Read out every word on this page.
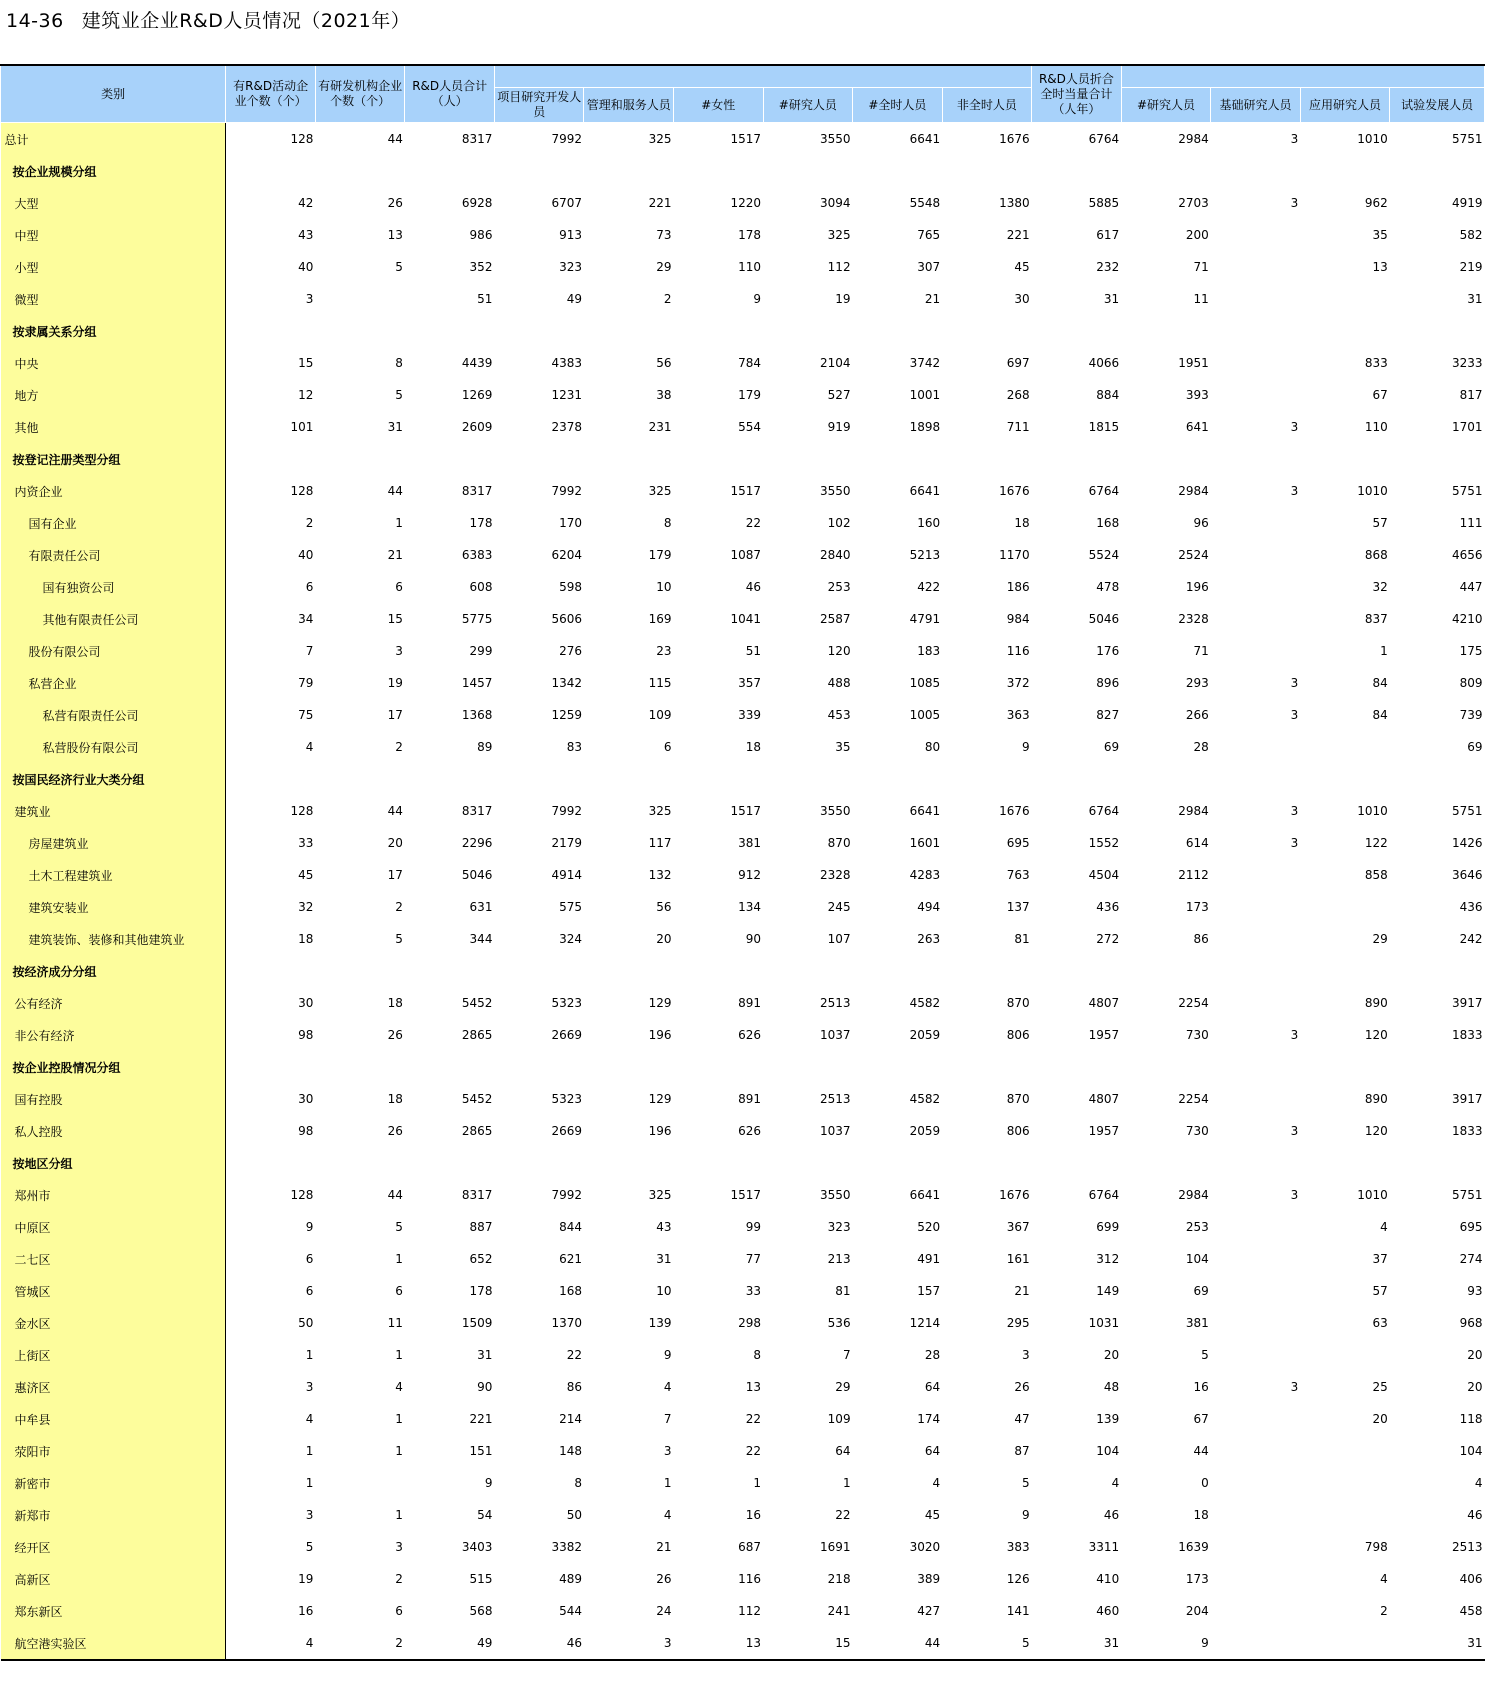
14-36 建筑业企业R&D人员情况（2021年）
类别	有R&D活动企业个数（个）	有研发机构企业个数（个）	R&D人员合计（人）							R&D人员折合全时当量合计（人年）				
				项目研究开发人员	管理和服务人员	#女性	#研究人员	#全时人员	非全时人员		#研究人员	基础研究人员	应用研究人员	试验发展人员
总计	128	44	8317	7992	325	1517	3550	6641	1676	6764	2984	3	1010	5751
按企业规模分组														
大型	42	26	6928	6707	221	1220	3094	5548	1380	5885	2703	3	962	4919
中型	43	13	986	913	73	178	325	765	221	617	200		35	582
小型	40	5	352	323	29	110	112	307	45	232	71		13	219
微型	3		51	49	2	9	19	21	30	31	11			31
按隶属关系分组														
中央	15	8	4439	4383	56	784	2104	3742	697	4066	1951		833	3233
地方	12	5	1269	1231	38	179	527	1001	268	884	393		67	817
其他	101	31	2609	2378	231	554	919	1898	711	1815	641	3	110	1701
按登记注册类型分组														
内资企业	128	44	8317	7992	325	1517	3550	6641	1676	6764	2984	3	1010	5751
国有企业	2	1	178	170	8	22	102	160	18	168	96		57	111
有限责任公司	40	21	6383	6204	179	1087	2840	5213	1170	5524	2524		868	4656
国有独资公司	6	6	608	598	10	46	253	422	186	478	196		32	447
其他有限责任公司	34	15	5775	5606	169	1041	2587	4791	984	5046	2328		837	4210
股份有限公司	7	3	299	276	23	51	120	183	116	176	71		1	175
私营企业	79	19	1457	1342	115	357	488	1085	372	896	293	3	84	809
私营有限责任公司	75	17	1368	1259	109	339	453	1005	363	827	266	3	84	739
私营股份有限公司	4	2	89	83	6	18	35	80	9	69	28			69
按国民经济行业大类分组														
建筑业	128	44	8317	7992	325	1517	3550	6641	1676	6764	2984	3	1010	5751
房屋建筑业	33	20	2296	2179	117	381	870	1601	695	1552	614	3	122	1426
土木工程建筑业	45	17	5046	4914	132	912	2328	4283	763	4504	2112		858	3646
建筑安装业	32	2	631	575	56	134	245	494	137	436	173			436
建筑装饰、装修和其他建筑业	18	5	344	324	20	90	107	263	81	272	86		29	242
按经济成分分组														
公有经济	30	18	5452	5323	129	891	2513	4582	870	4807	2254		890	3917
非公有经济	98	26	2865	2669	196	626	1037	2059	806	1957	730	3	120	1833
按企业控股情况分组														
国有控股	30	18	5452	5323	129	891	2513	4582	870	4807	2254		890	3917
私人控股	98	26	2865	2669	196	626	1037	2059	806	1957	730	3	120	1833
按地区分组														
郑州市	128	44	8317	7992	325	1517	3550	6641	1676	6764	2984	3	1010	5751
中原区	9	5	887	844	43	99	323	520	367	699	253		4	695
二七区	6	1	652	621	31	77	213	491	161	312	104		37	274
管城区	6	6	178	168	10	33	81	157	21	149	69		57	93
金水区	50	11	1509	1370	139	298	536	1214	295	1031	381		63	968
上街区	1	1	31	22	9	8	7	28	3	20	5			20
惠济区	3	4	90	86	4	13	29	64	26	48	16	3	25	20
中牟县	4	1	221	214	7	22	109	174	47	139	67		20	118
荥阳市	1	1	151	148	3	22	64	64	87	104	44			104
新密市	1		9	8	1	1	1	4	5	4	0			4
新郑市	3	1	54	50	4	16	22	45	9	46	18			46
经开区	5	3	3403	3382	21	687	1691	3020	383	3311	1639		798	2513
高新区	19	2	515	489	26	116	218	389	126	410	173		4	406
郑东新区	16	6	568	544	24	112	241	427	141	460	204		2	458
航空港实验区	4	2	49	46	3	13	15	44	5	31	9			31
